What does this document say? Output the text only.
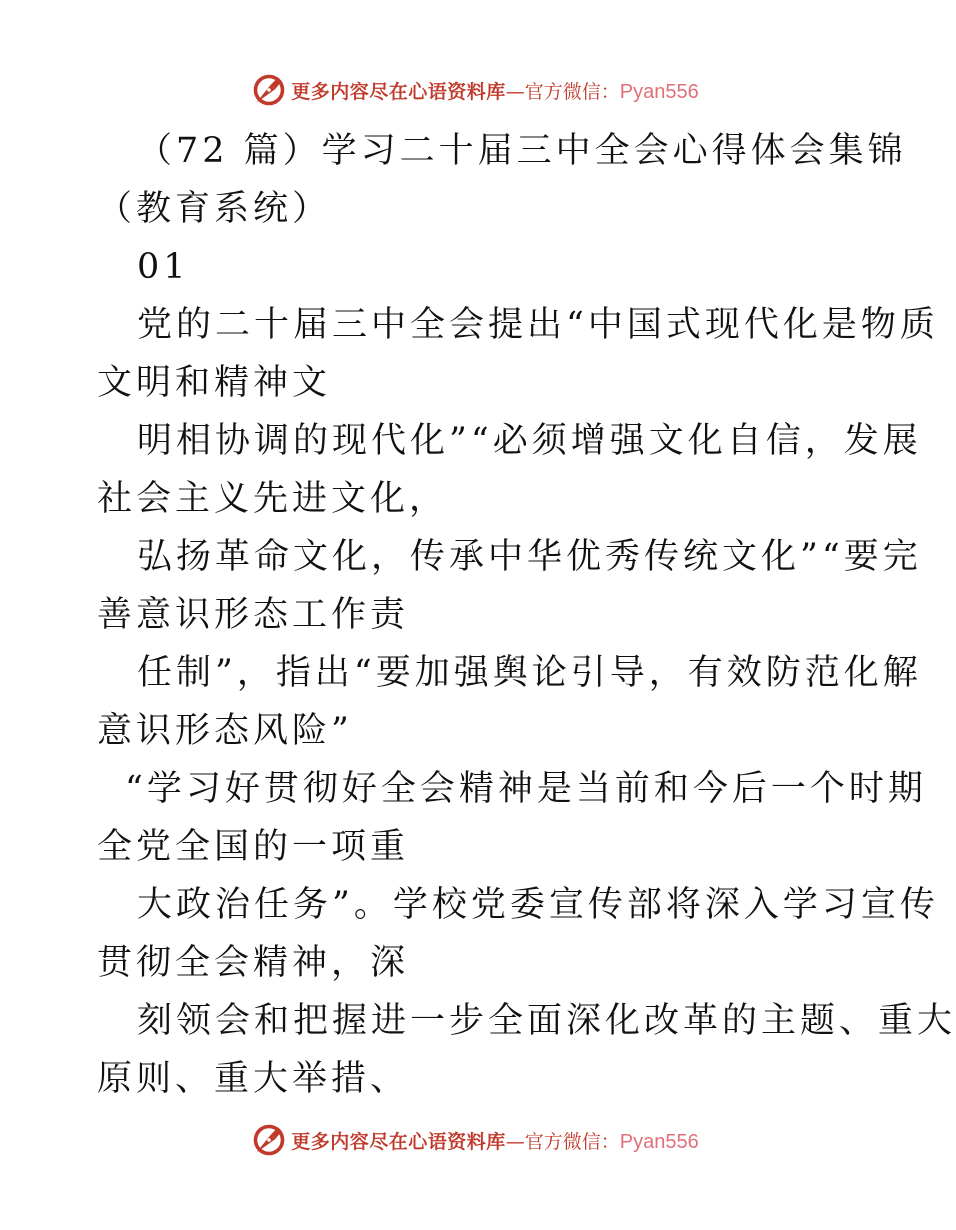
更多内容尽在心语资料库 — 官方微信： Pyan556
（72 篇）学习二十届三中全会心得体会集锦
（教育系统）
01
党的二十届三中全会提出“中国式现代化是物质
文明和精神文
明相协调的现代化”“必须增强文化自信，发展
社会主义先进文化，
弘扬革命文化，传承中华优秀传统文化”“要完
善意识形态工作责
任制”，指出“要加强舆论引导，有效防范化解
意识形态风险”
“学习好贯彻好全会精神是当前和今后一个时期
全党全国的一项重
大政治任务”。学校党委宣传部将深入学习宣传
贯彻全会精神，深
刻领会和把握进一步全面深化改革的主题、重大
原则、重大举措、
更多内容尽在心语资料库 — 官方微信： Pyan556
